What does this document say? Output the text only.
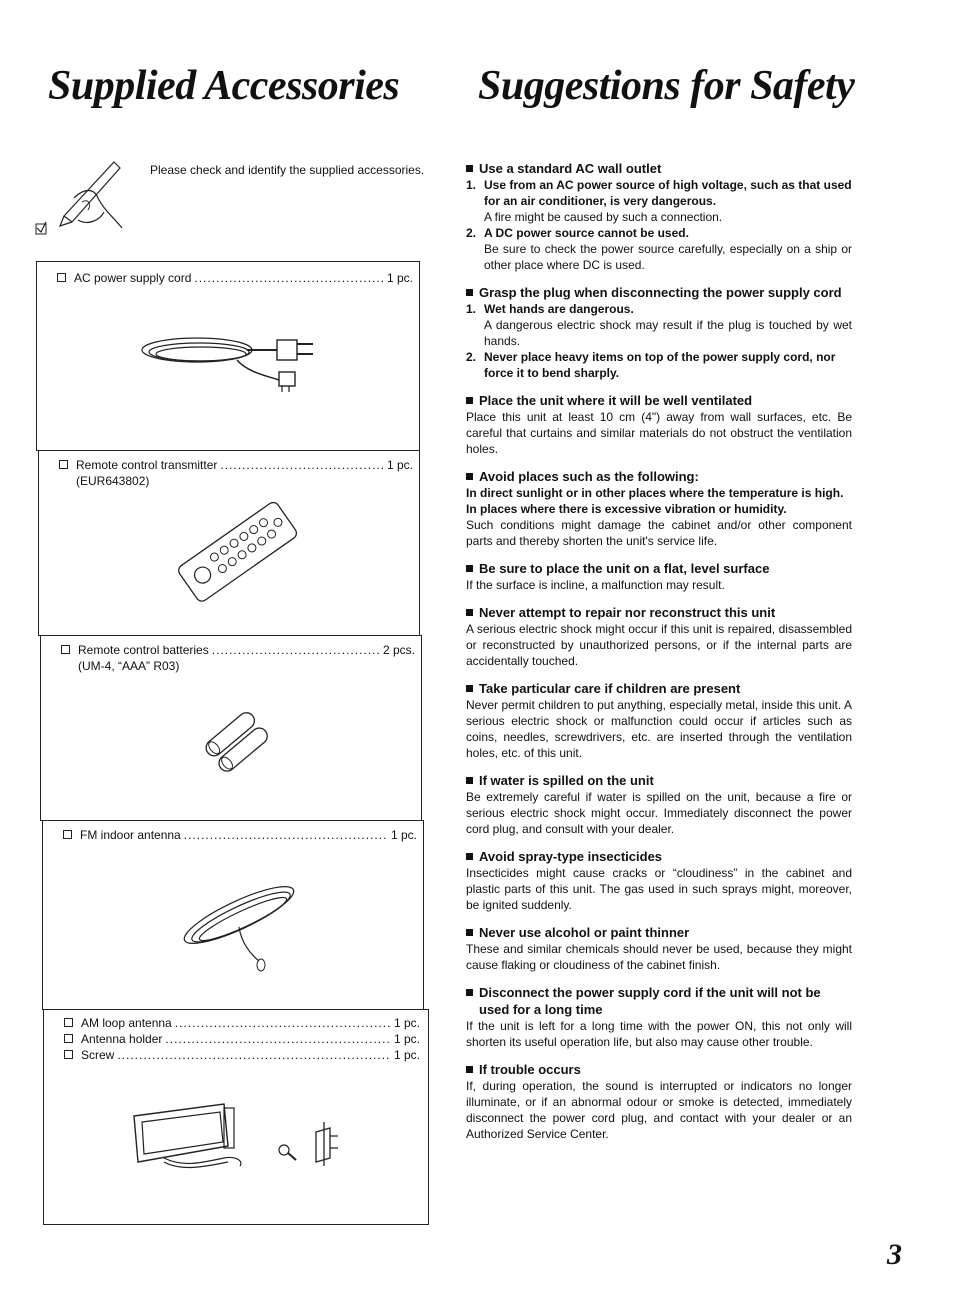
Supplied Accessories Suggestions for Safety
Please check and identify the supplied accessories.
AC power supply cord .....	1 pc.
Remote control transmitter .....	1 pc.
(EUR643802)
Remote control batteries .....	2 pcs.
(UM-4, “AAA” R03)
FM indoor antenna .....	1 pc.
AM loop antenna .....	1 pc.
Antenna holder .....	1 pc.
Screw .....	1 pc.
Use a standard AC wall outlet
1. Use from an AC power source of high voltage, such as that used for an air conditioner, is very dangerous.
A fire might be caused by such a connection.
2. A DC power source cannot be used.
Be sure to check the power source carefully, especially on a ship or other place where DC is used.
Grasp the plug when disconnecting the power supply cord
1. Wet hands are dangerous.
A dangerous electric shock may result if the plug is touched by wet hands.
2. Never place heavy items on top of the power supply cord, nor force it to bend sharply.
Place the unit where it will be well ventilated
Place this unit at least 10 cm (4") away from wall surfaces, etc. Be careful that curtains and similar materials do not obstruct the ventilation holes.
Avoid places such as the following:
In direct sunlight or in other places where the temperature is high.
In places where there is excessive vibration or humidity.
Such conditions might damage the cabinet and/or other component parts and thereby shorten the unit's service life.
Be sure to place the unit on a flat, level surface
If the surface is incline, a malfunction may result.
Never attempt to repair nor reconstruct this unit
A serious electric shock might occur if this unit is repaired, disassembled or reconstructed by unauthorized persons, or if the internal parts are accidentally touched.
Take particular care if children are present
Never permit children to put anything, especially metal, inside this unit. A serious electric shock or malfunction could occur if articles such as coins, needles, screwdrivers, etc. are inserted through the ventilation holes, etc. of this unit.
If water is spilled on the unit
Be extremely careful if water is spilled on the unit, because a fire or serious electric shock might occur. Immediately disconnect the power cord plug, and consult with your dealer.
Avoid spray-type insecticides
Insecticides might cause cracks or “cloudiness” in the cabinet and plastic parts of this unit. The gas used in such sprays might, moreover, be ignited suddenly.
Never use alcohol or paint thinner
These and similar chemicals should never be used, because they might cause flaking or cloudiness of the cabinet finish.
Disconnect the power supply cord if the unit will not be used for a long time
If the unit is left for a long time with the power ON, this not only will shorten its useful operation life, but also may cause other trouble.
If trouble occurs
If, during operation, the sound is interrupted or indicators no longer illuminate, or if an abnormal odour or smoke is detected, immediately disconnect the power cord plug, and contact with your dealer or an Authorized Service Center.
3
